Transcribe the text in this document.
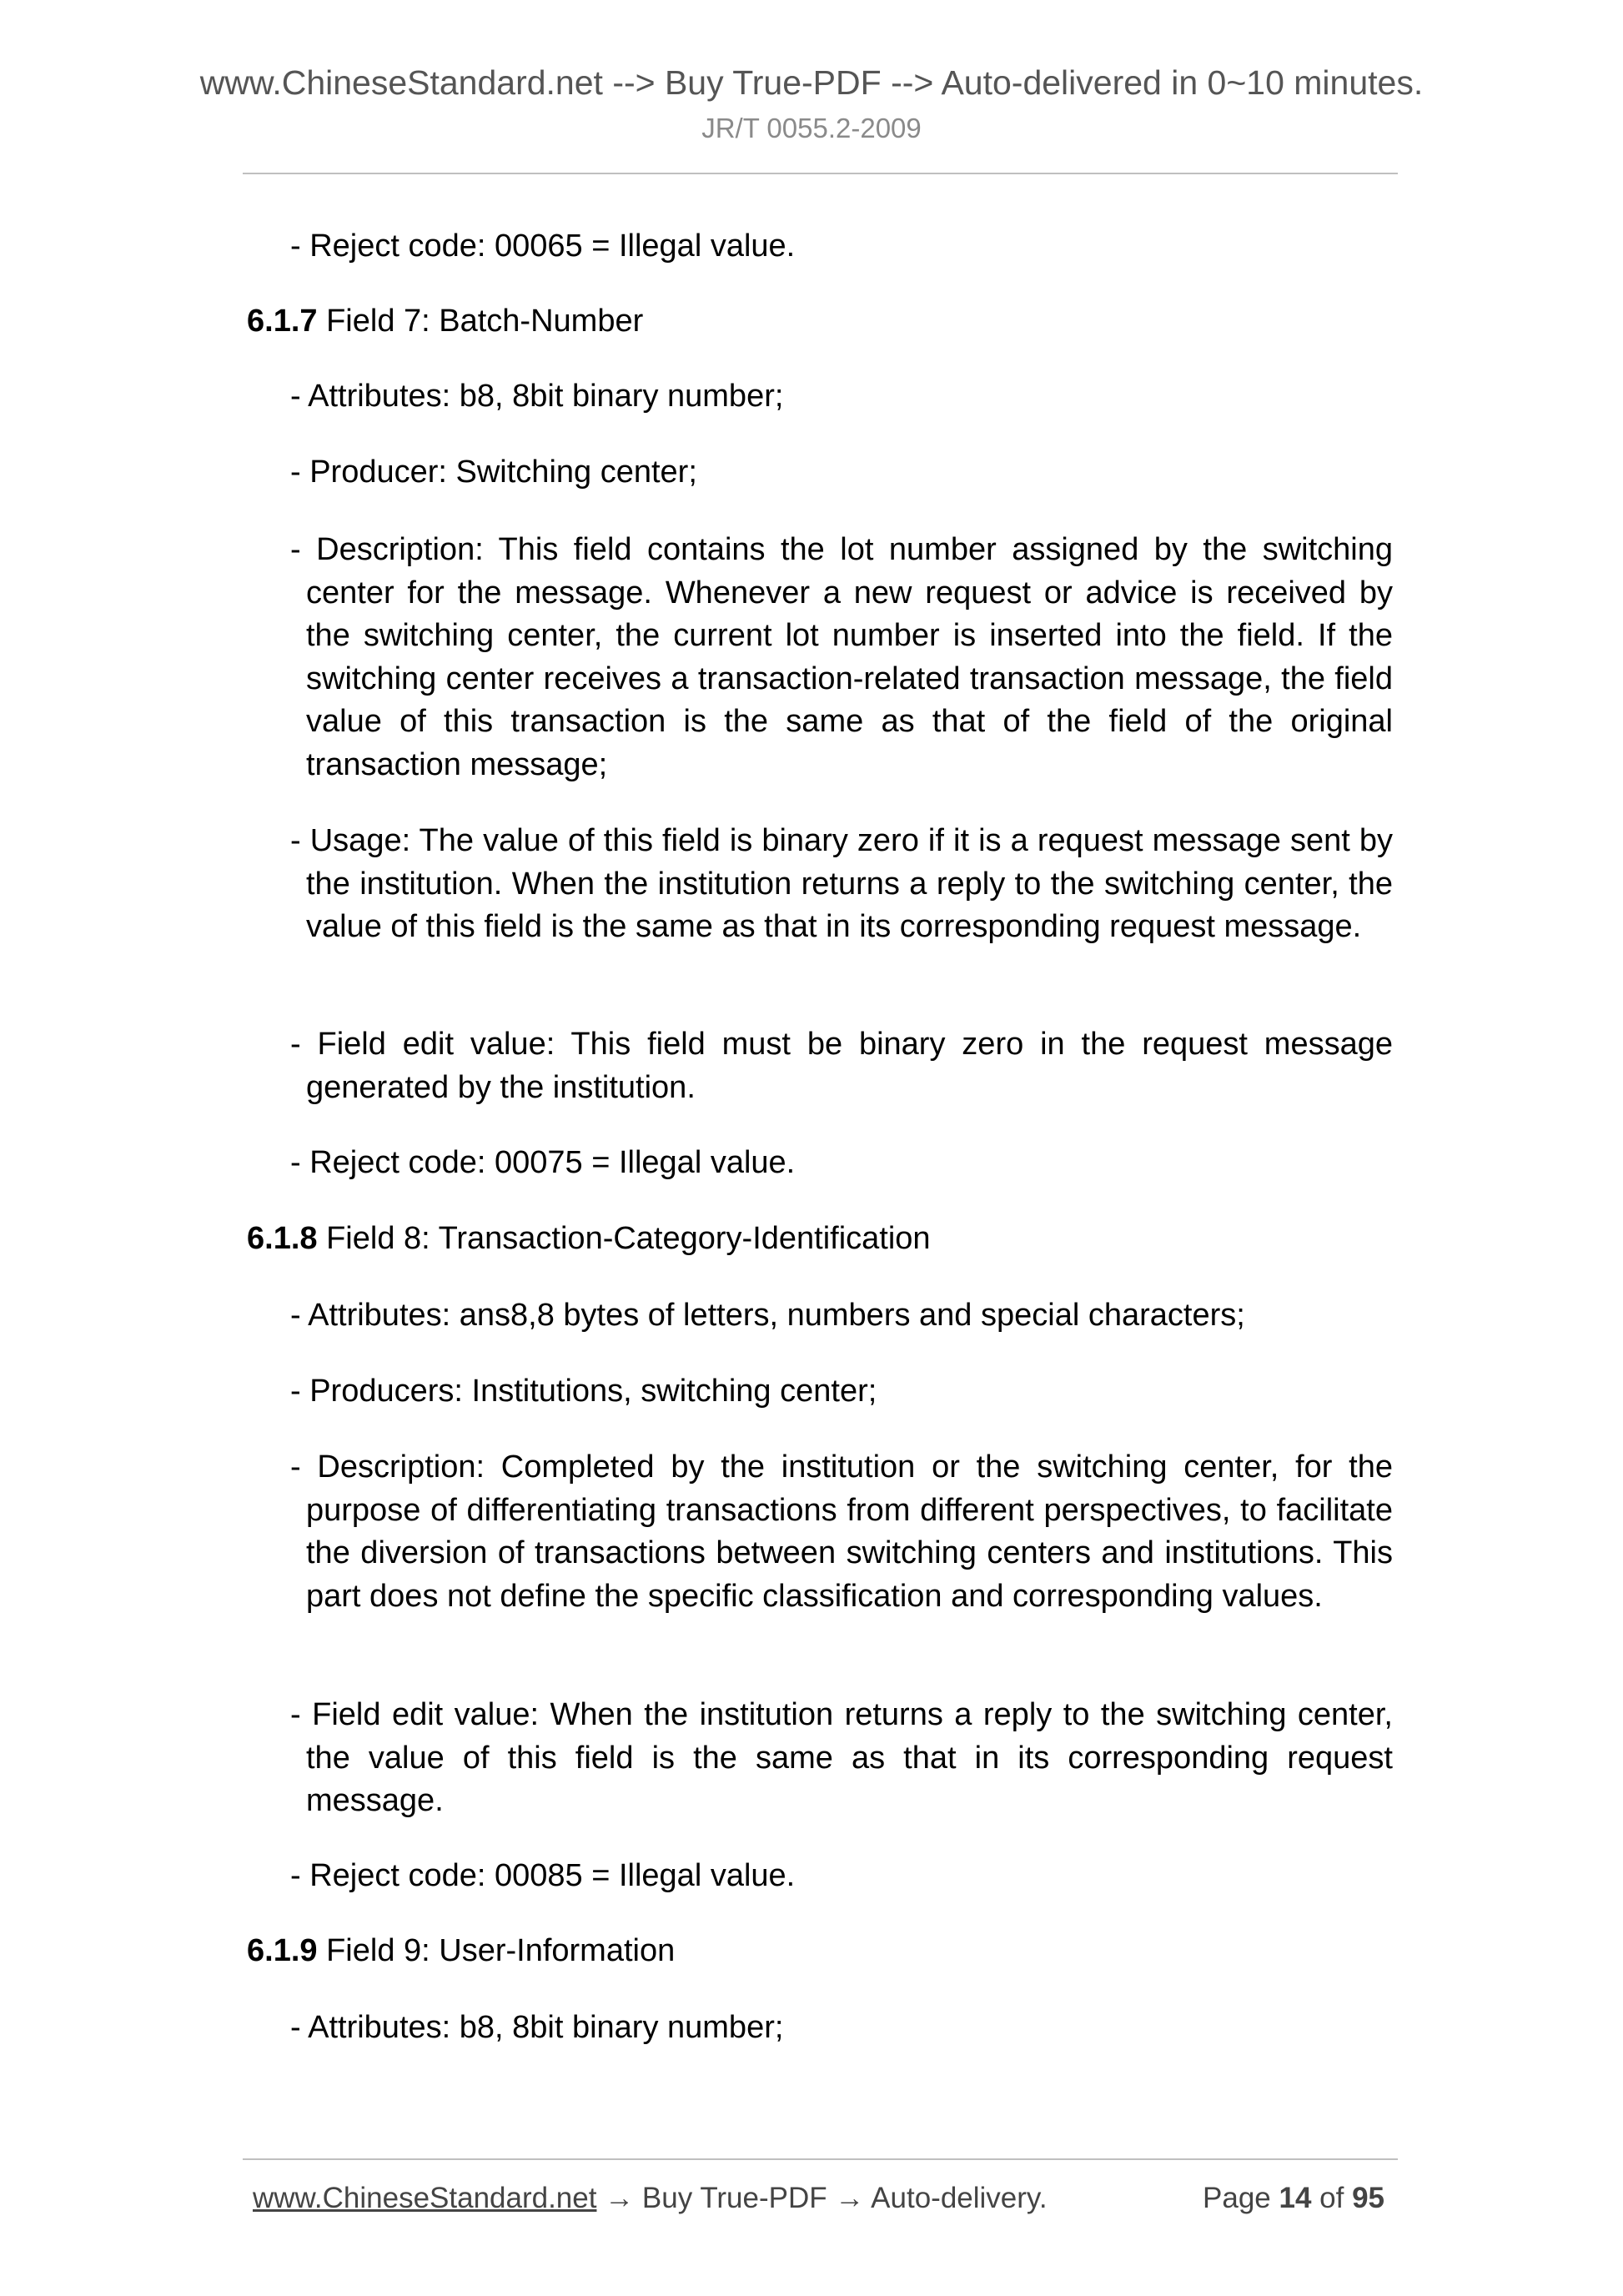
www.ChineseStandard.net --> Buy True-PDF --> Auto-delivered in 0~10 minutes.
JR/T 0055.2-2009
- Reject code: 00065 = Illegal value.
6.1.7 Field 7: Batch-Number
- Attributes: b8, 8bit binary number;
- Producer: Switching center;
- Description: This field contains the lot number assigned by the switching center for the message. Whenever a new request or advice is received by the switching center, the current lot number is inserted into the field. If the switching center receives a transaction-related transaction message, the field value of this transaction is the same as that of the field of the original transaction message;
- Usage: The value of this field is binary zero if it is a request message sent by the institution. When the institution returns a reply to the switching center, the value of this field is the same as that in its corresponding request message.
- Field edit value: This field must be binary zero in the request message generated by the institution.
- Reject code: 00075 = Illegal value.
6.1.8 Field 8: Transaction-Category-Identification
- Attributes: ans8,8 bytes of letters, numbers and special characters;
- Producers: Institutions, switching center;
- Description: Completed by the institution or the switching center, for the purpose of differentiating transactions from different perspectives, to facilitate the diversion of transactions between switching centers and institutions. This part does not define the specific classification and corresponding values.
- Field edit value: When the institution returns a reply to the switching center, the value of this field is the same as that in its corresponding request message.
- Reject code: 00085 = Illegal value.
6.1.9 Field 9: User-Information
- Attributes: b8, 8bit binary number;
www.ChineseStandard.net → Buy True-PDF → Auto-delivery.	Page 14 of 95
